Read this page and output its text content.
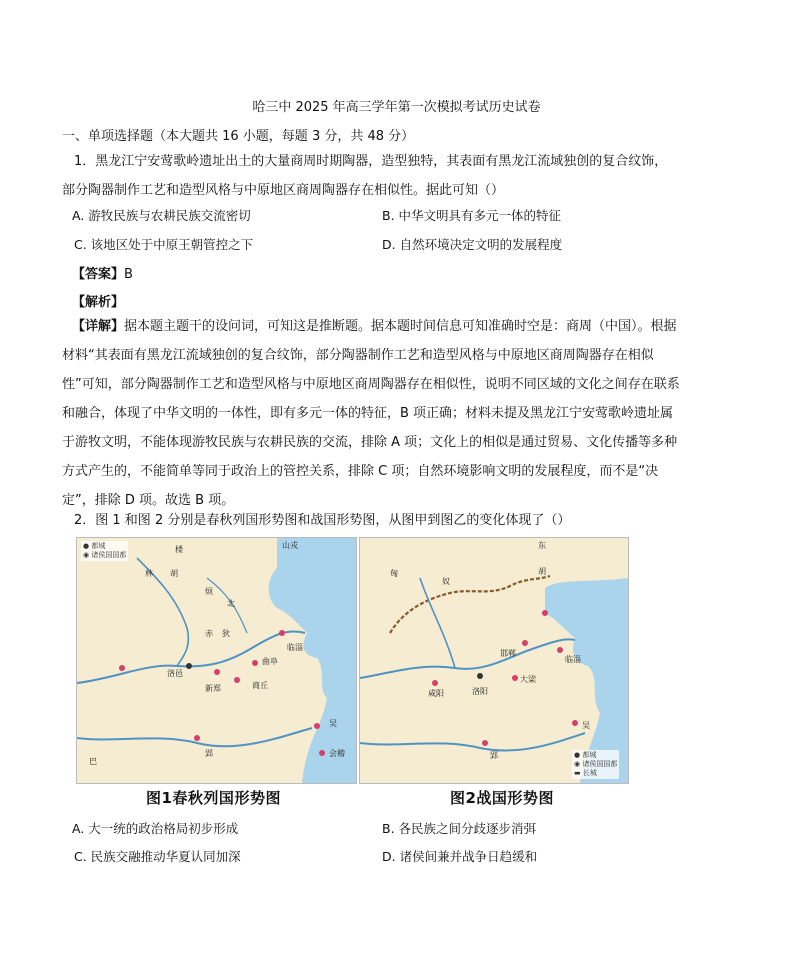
哈三中 2025 年高三学年第一次模拟考试历史试卷
一、单项选择题（本大题共 16 小题，每题 3 分，共 48 分）
1．黑龙江宁安莺歌岭遗址出土的大量商周时期陶器，造型独特，其表面有黑龙江流域独创的复合纹饰，部分陶器制作工艺和造型风格与中原地区商周陶器存在相似性。据此可知（）
A. 游牧民族与农耕民族交流密切	B. 中华文明具有多元一体的特征
C. 该地区处于中原王朝管控之下	D. 自然环境决定文明的发展程度
【答案】B
【解析】
【详解】据本题主题干的设问词，可知这是推断题。据本题时间信息可知准确时空是：商周（中国）。根据材料“其表面有黑龙江流域独创的复合纹饰，部分陶器制作工艺和造型风格与中原地区商周陶器存在相似性”可知，部分陶器制作工艺和造型风格与中原地区商周陶器存在相似性，说明不同区域的文化之间存在联系和融合，体现了中华文明的一体性，即有多元一体的特征，B 项正确；材料未提及黑龙江宁安莺歌岭遗址属于游牧文明，不能体现游牧民族与农耕民族的交流，排除 A 项；文化上的相似是通过贸易、文化传播等多种方式产生的，不能简单等同于政治上的管控关系，排除 C 项；自然环境影响文明的发展程度，而不是“决定”，排除 D 项。故选 B 项。
2．图 1 和图 2 分别是春秋列国形势图和战国形势图，从图甲到图乙的变化体现了（）
● 都城
◉ 诸侯国国都
楼	山戎
林 胡
烦
北
赤 狄
临淄
洛邑
曲阜
新郑	商丘
吴
郢	会稽
巴
● 都城
◉ 诸侯国国都
▬ 长城
东
匈
奴
胡
邯郸
临淄
咸阳	洛阳
大梁
郢
吴
图1春秋列国形势图	图2战国形势图
A. 大一统的政治格局初步形成	B. 各民族之间分歧逐步消弭
C. 民族交融推动华夏认同加深	D. 诸侯间兼并战争日趋缓和
